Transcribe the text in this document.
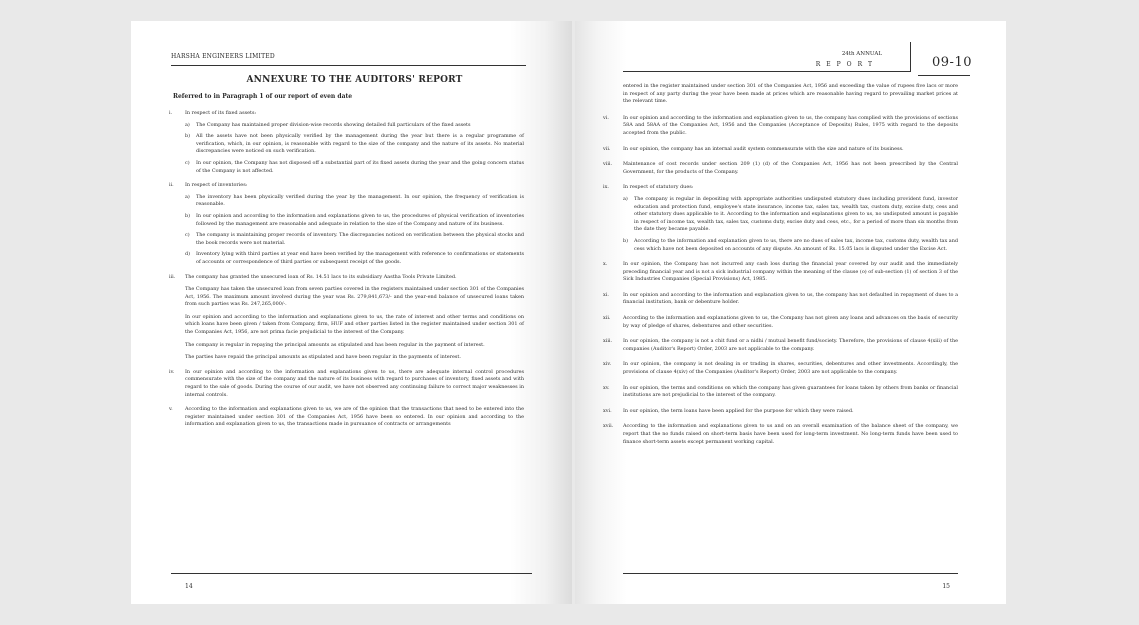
HARSHA ENGINEERS LIMITED
ANNEXURE TO THE AUDITORS' REPORT
Referred to in Paragraph 1 of our report of even date
i.	In respect of its fixed assets:
a) The Company has maintained proper division-wise records showing detailed full particulars of the fixed assets
b) All the assets have not been physically verified by the management during the year but there is a regular programme of verification, which, in our opinion, is reasonable with regard to the size of the company and the nature of its assets. No material discrepancies were noticed on such verification.
c) In our opinion, the Company has not disposed off a substantial part of its fixed assets during the year and the going concern status of the Company is not affected.
ii. In respect of inventories:
a) The inventory has been physically verified during the year by the management. In our opinion, the frequency of verification is reasonable.
b) In our opinion and according to the information and explanations given to us, the procedures of physical verification of inventories followed by the management are reasonable and adequate in relation to the size of the Company and nature of its business.
c) The company is maintaining proper records of inventory. The discrepancies noticed on verification between the physical stocks and the book records were not material.
d) Inventory lying with third parties at year end have been verified by the management with reference to confirmations or statements of accounts or correspondence of third parties or subsequent receipt of the goods.
iii. The company has granted the unsecured loan of Rs. 14.51 lacs to its subsidiary Aastha Tools Private Limited.
The Company has taken the unsecured loan from seven parties covered in the registers maintained under section 301 of the Companies Act, 1956. The maximum amount involved during the year was Rs. 279,841,673/- and the year-end balance of unsecured loans taken from such parties was Rs. 247,265,000/-.
In our opinion and according to the information and explanations given to us, the rate of interest and other terms and conditions on which loans have been given / taken from Company, firm, HUF and other parties listed in the register maintained under section 301 of the Companies Act, 1956, are not prima facie prejudicial to the interest of the Company.
The company is regular in repaying the principal amounts as stipulated and has been regular in the payment of interest.
The parties have repaid the principal amounts as stipulated and have been regular in the payments of interest.
iv. In our opinion and according to the information and explanations given to us, there are adequate internal control procedures commensurate with the size of the company and the nature of its business with regard to purchases of inventory, fixed assets and with regard to the sale of goods. During the course of our audit, we have not observed any continuing failure to correct major weaknesses in internal controls.
v.	According to the information and explanations given to us, we are of the opinion that the transactions that need to be entered into the register maintained under section 301 of the Companies Act, 1956 have been so entered. In our opinion and according to the information and explanation given to us, the transactions made in pursuance of contracts or arrangements
14
24th ANNUAL
REPORT	09-10
entered in the register maintained under section 301 of the Companies Act, 1956 and exceeding the value of rupees five lacs or more in respect of any party during the year have been made at prices which are reasonable having regard to prevailing market prices at the relevant time.
vi.	In our opinion and according to the information and explanation given to us, the company has complied with the provisions of sections 58A and 58AA of the Companies Act, 1956 and the Companies (Acceptance of Deposits) Rules, 1975 with regard to the deposits accepted from the public.
vii.	In our opinion, the company has an internal audit system commensurate with the size and nature of its business.
viii. Maintenance of cost records under section 209 (1) (d) of the Companies Act, 1956 has not been prescribed by the Central Government, for the products of the Company.
ix.	In respect of statutory dues:
a) The company is regular in depositing with appropriate authorities undisputed statutory dues including provident fund, investor education and protection fund, employee's state insurance, income tax, sales tax, wealth tax, custom duty, excise duty, cess and other statutory dues applicable to it. According to the information and explanations given to us, no undisputed amount is payable in respect of income tax, wealth tax, sales tax, customs duty, excise duty and cess, etc., for a period of more than six months from the date they became payable.
b) According to the information and explanation given to us, there are no dues of sales tax, income tax, customs duty, wealth tax and cess which have not been deposited on accounts of any dispute. An amount of Rs. 15.05 lacs is disputed under the Excise Act.
x.	In our opinion, the Company has not incurred any cash loss during the financial year covered by our audit and the immediately preceding financial year and is not a sick industrial company within the meaning of the clause (o) of sub-section (1) of section 3 of the Sick Industries Companies (Special Provisions) Act, 1985.
xi.	In our opinion and according to the information and explanation given to us, the company has not defaulted in repayment of dues to a financial institution, bank or debenture holder.
xii.	According to the information and explanations given to us, the Company has not given any loans and advances on the basis of security by way of pledge of shares, debentures and other securities.
xiii. In our opinion, the company is not a chit fund or a nidhi / mutual benefit fund/society. Therefore, the provisions of clause 4(xiii) of the companies (Auditor's Report) Order, 2003 are not applicable to the company.
xiv. In our opinion, the company is not dealing in or trading in shares, securities, debentures and other investments. Accordingly, the provisions of clause 4(xiv) of the Companies (Auditor's Report) Order, 2003 are not applicable to the company.
xv.	In our opinion, the terms and conditions on which the company has given guarantees for loans taken by others from banks or financial institutions are not prejudicial to the interest of the company.
xvi. In our opinion, the term loans have been applied for the purpose for which they were raised.
xvii. According to the information and explanations given to us and on an overall examination of the balance sheet of the company, we report that the no funds raised on short-term basis have been used for long-term investment. No long-term funds have been used to finance short-term assets except permanent working capital.
15
